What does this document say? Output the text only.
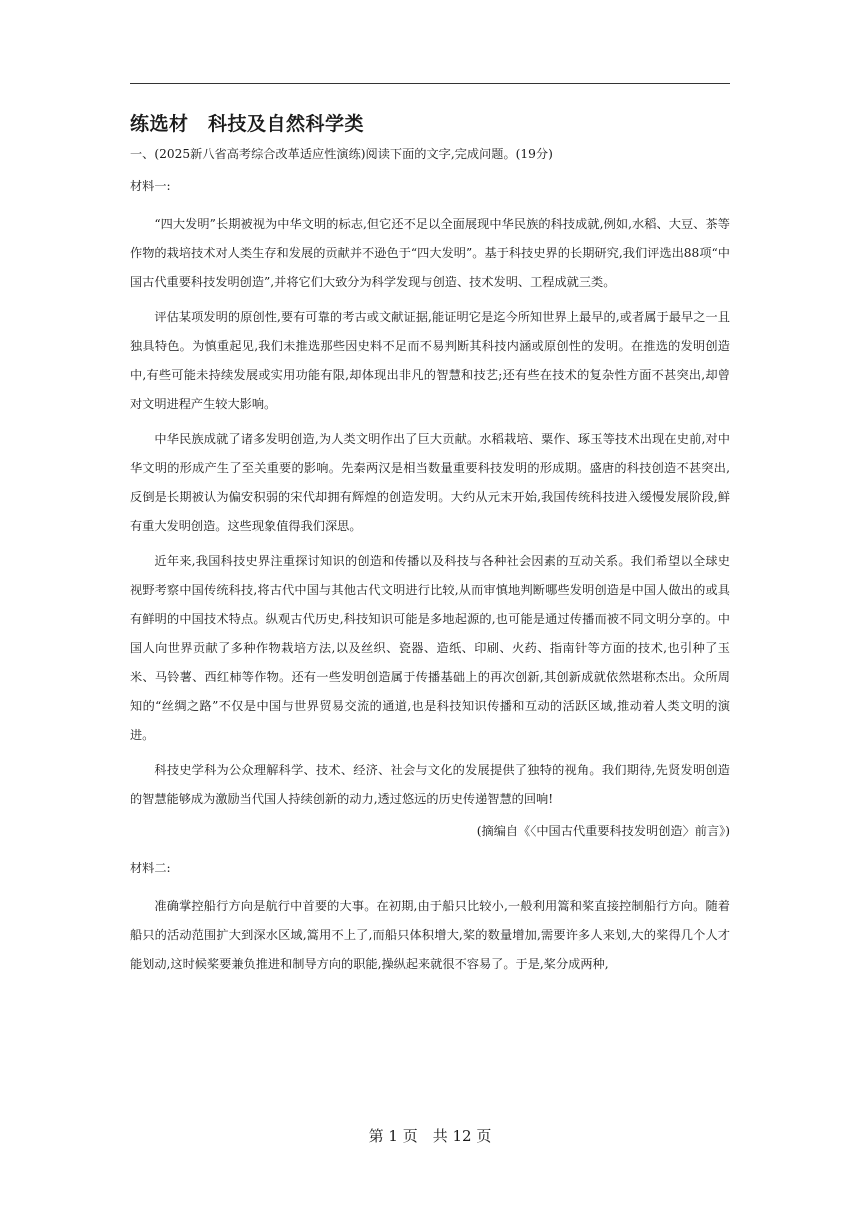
练选材　科技及自然科学类
一、(2025新八省高考综合改革适应性演练)阅读下面的文字,完成问题。(19分)
材料一:

“四大发明”长期被视为中华文明的标志,但它还不足以全面展现中华民族的科技成就,例如,水稻、大豆、茶等作物的栽培技术对人类生存和发展的贡献并不逊色于“四大发明”。基于科技史界的长期研究,我们评选出88项“中国古代重要科技发明创造”,并将它们大致分为科学发现与创造、技术发明、工程成就三类。

评估某项发明的原创性,要有可靠的考古或文献证据,能证明它是迄今所知世界上最早的,或者属于最早之一且独具特色。为慎重起见,我们未推选那些因史料不足而不易判断其科技内涵或原创性的发明。在推选的发明创造中,有些可能未持续发展或实用功能有限,却体现出非凡的智慧和技艺;还有些在技术的复杂性方面不甚突出,却曾对文明进程产生较大影响。

中华民族成就了诸多发明创造,为人类文明作出了巨大贡献。水稻栽培、粟作、琢玉等技术出现在史前,对中华文明的形成产生了至关重要的影响。先秦两汉是相当数量重要科技发明的形成期。盛唐的科技创造不甚突出,反倒是长期被认为偏安积弱的宋代却拥有辉煌的创造发明。大约从元末开始,我国传统科技进入缓慢发展阶段,鲜有重大发明创造。这些现象值得我们深思。

近年来,我国科技史界注重探讨知识的创造和传播以及科技与各种社会因素的互动关系。我们希望以全球史视野考察中国传统科技,将古代中国与其他古代文明进行比较,从而审慎地判断哪些发明创造是中国人做出的或具有鲜明的中国技术特点。纵观古代历史,科技知识可能是多地起源的,也可能是通过传播而被不同文明分享的。中国人向世界贡献了多种作物栽培方法,以及丝织、瓷器、造纸、印刷、火药、指南针等方面的技术,也引种了玉米、马铃薯、西红柿等作物。还有一些发明创造属于传播基础上的再次创新,其创新成就依然堪称杰出。众所周知的“丝绸之路”不仅是中国与世界贸易交流的通道,也是科技知识传播和互动的活跃区域,推动着人类文明的演进。

科技史学科为公众理解科学、技术、经济、社会与文化的发展提供了独特的视角。我们期待,先贤发明创造的智慧能够成为激励当代国人持续创新的动力,透过悠远的历史传递智慧的回响!

(摘编自《〈中国古代重要科技发明创造〉前言》)
材料二:

准确掌控船行方向是航行中首要的大事。在初期,由于船只比较小,一般利用篙和桨直接控制船行方向。随着船只的活动范围扩大到深水区域,篙用不上了,而船只体积增大,桨的数量增加,需要许多人来划,大的桨得几个人才能划动,这时候桨要兼负推进和制导方向的职能,操纵起来就很不容易了。于是,桨分成两种,

第 1 页　共 12 页
